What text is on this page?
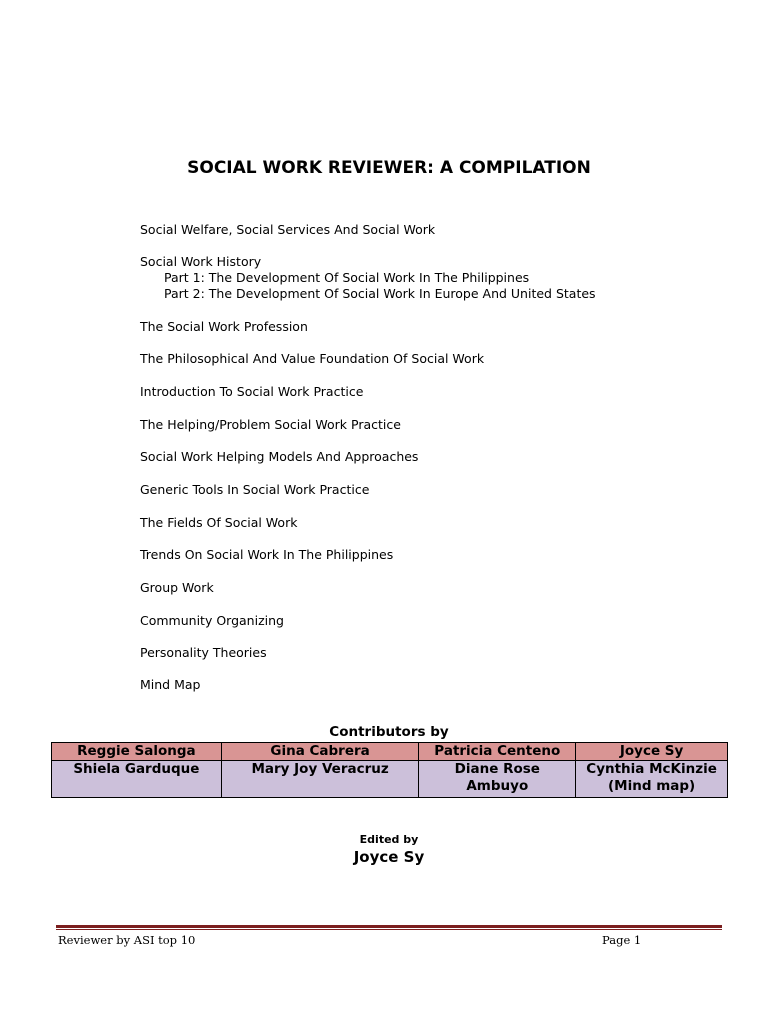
SOCIAL WORK REVIEWER: A COMPILATION
Social Welfare, Social Services And Social Work
Social Work History
Part 1: The Development Of Social Work In The Philippines
Part 2: The Development Of Social Work In Europe And United States
The Social Work Profession
The Philosophical And Value Foundation Of Social Work
Introduction To Social Work Practice
The Helping/Problem Social Work Practice
Social Work Helping Models And Approaches
Generic Tools In Social Work Practice
The Fields Of Social Work
Trends On Social Work In The Philippines
Group Work
Community Organizing
Personality Theories
Mind Map
Contributors by
Reggie Salonga	Gina Cabrera	Patricia Centeno	Joyce Sy
Shiela Garduque	Mary Joy Veracruz	Diane Rose Ambuyo	Cynthia McKinzie
(Mind map)
Edited by
Joyce Sy
Reviewer by ASI top 10	Page 1
